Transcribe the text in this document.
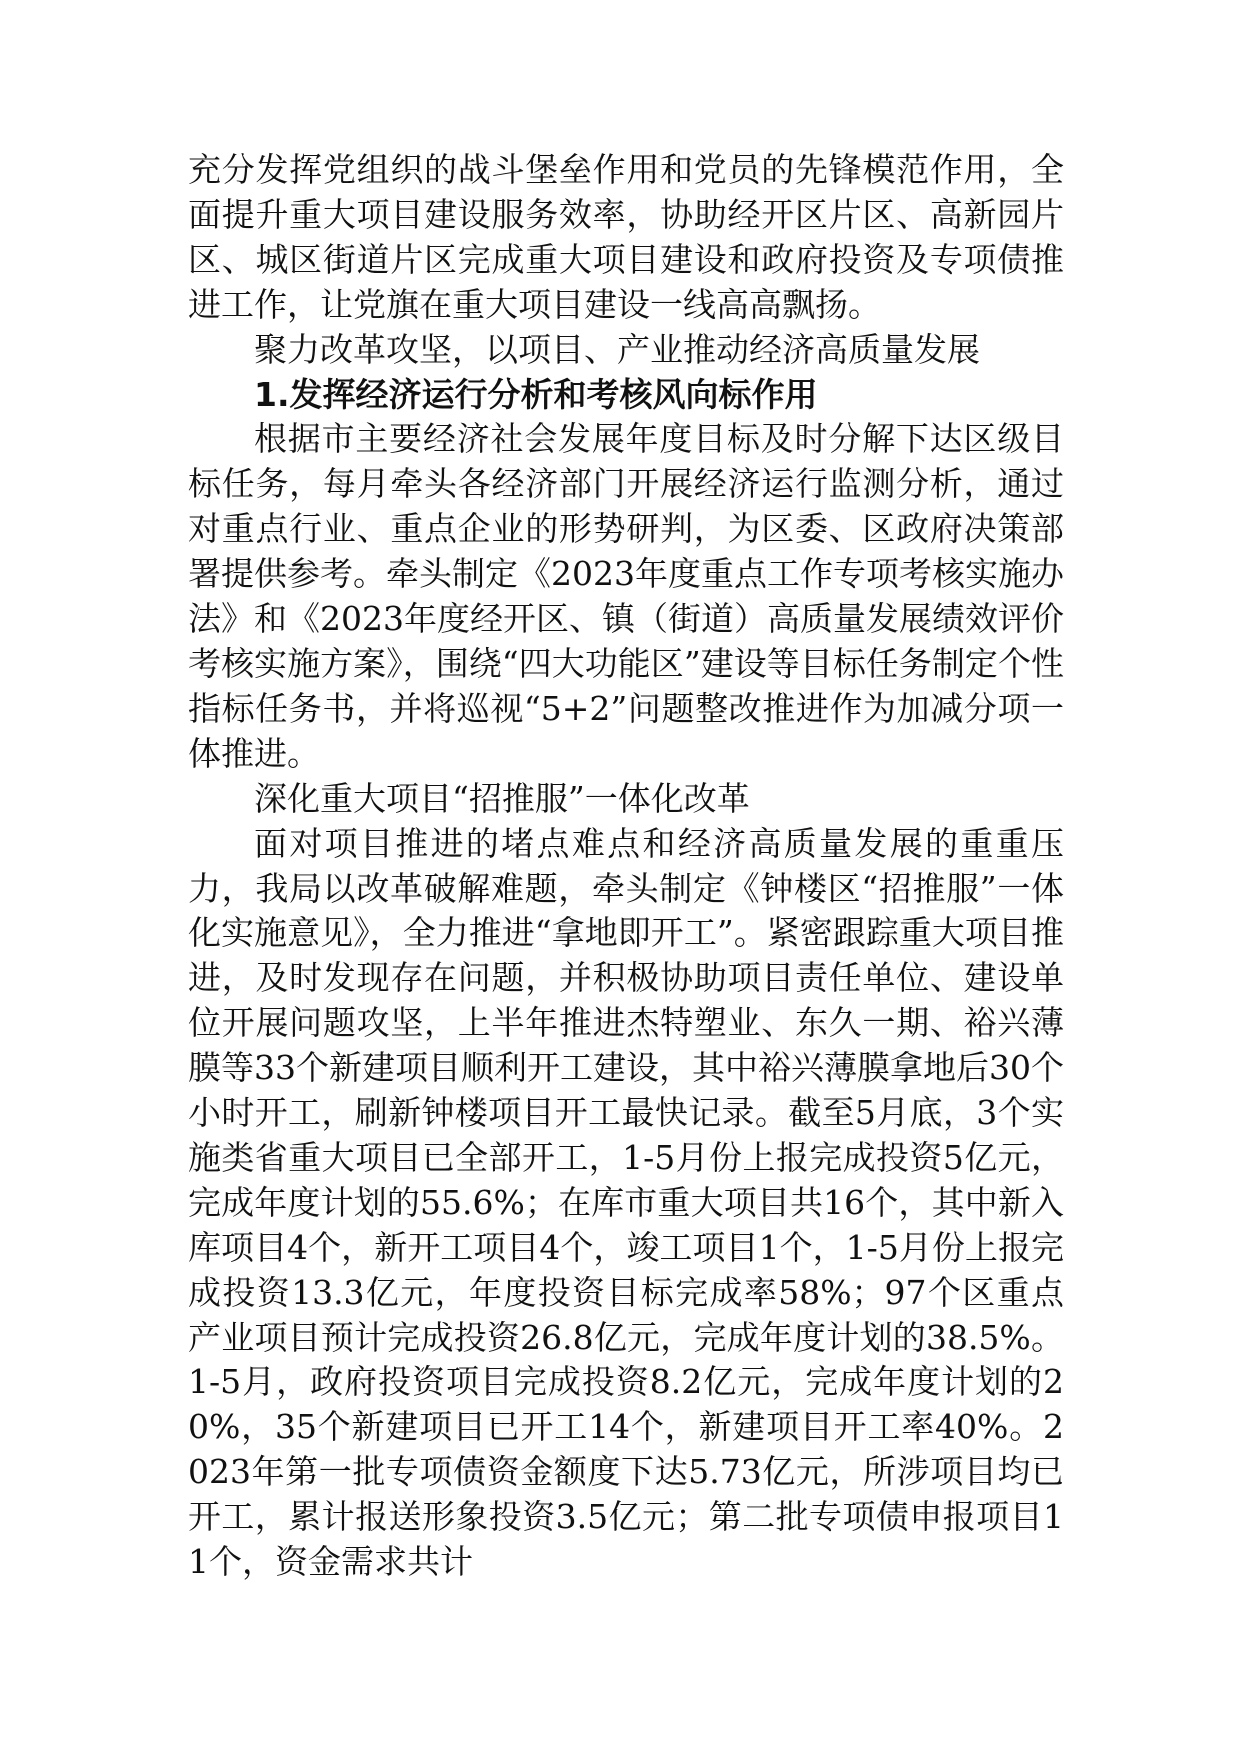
充分发挥党组织的战斗堡垒作用和党员的先锋模范作用，全面提升重大项目建设服务效率，协助经开区片区、高新园片区、城区街道片区完成重大项目建设和政府投资及专项债推进工作，让党旗在重大项目建设一线高高飘扬。

聚力改革攻坚，以项目、产业推动经济高质量发展

1.发挥经济运行分析和考核风向标作用

根据市主要经济社会发展年度目标及时分解下达区级目标任务，每月牵头各经济部门开展经济运行监测分析，通过对重点行业、重点企业的形势研判，为区委、区政府决策部署提供参考。牵头制定《2023年度重点工作专项考核实施办法》和《2023年度经开区、镇（街道）高质量发展绩效评价考核实施方案》，围绕“四大功能区”建设等目标任务制定个性指标任务书，并将巡视“5+2”问题整改推进作为加减分项一体推进。

深化重大项目“招推服”一体化改革

面对项目推进的堵点难点和经济高质量发展的重重压力，我局以改革破解难题，牵头制定《钟楼区“招推服”一体化实施意见》，全力推进“拿地即开工”。紧密跟踪重大项目推进，及时发现存在问题，并积极协助项目责任单位、建设单位开展问题攻坚，上半年推进杰特塑业、东久一期、裕兴薄膜等33个新建项目顺利开工建设，其中裕兴薄膜拿地后30个小时开工，刷新钟楼项目开工最快记录。截至5月底，3个实施类省重大项目已全部开工，1-5月份上报完成投资5亿元，完成年度计划的55.6%；在库市重大项目共16个，其中新入库项目4个，新开工项目4个，竣工项目1个，1-5月份上报完成投资13.3亿元，年度投资目标完成率58%；97个区重点产业项目预计完成投资26.8亿元，完成年度计划的38.5%。1-5月，政府投资项目完成投资8.2亿元，完成年度计划的20%，35个新建项目已开工14个，新建项目开工率40%。2023年第一批专项债资金额度下达5.73亿元，所涉项目均已开工，累计报送形象投资3.5亿元；第二批专项债申报项目11个，资金需求共计
